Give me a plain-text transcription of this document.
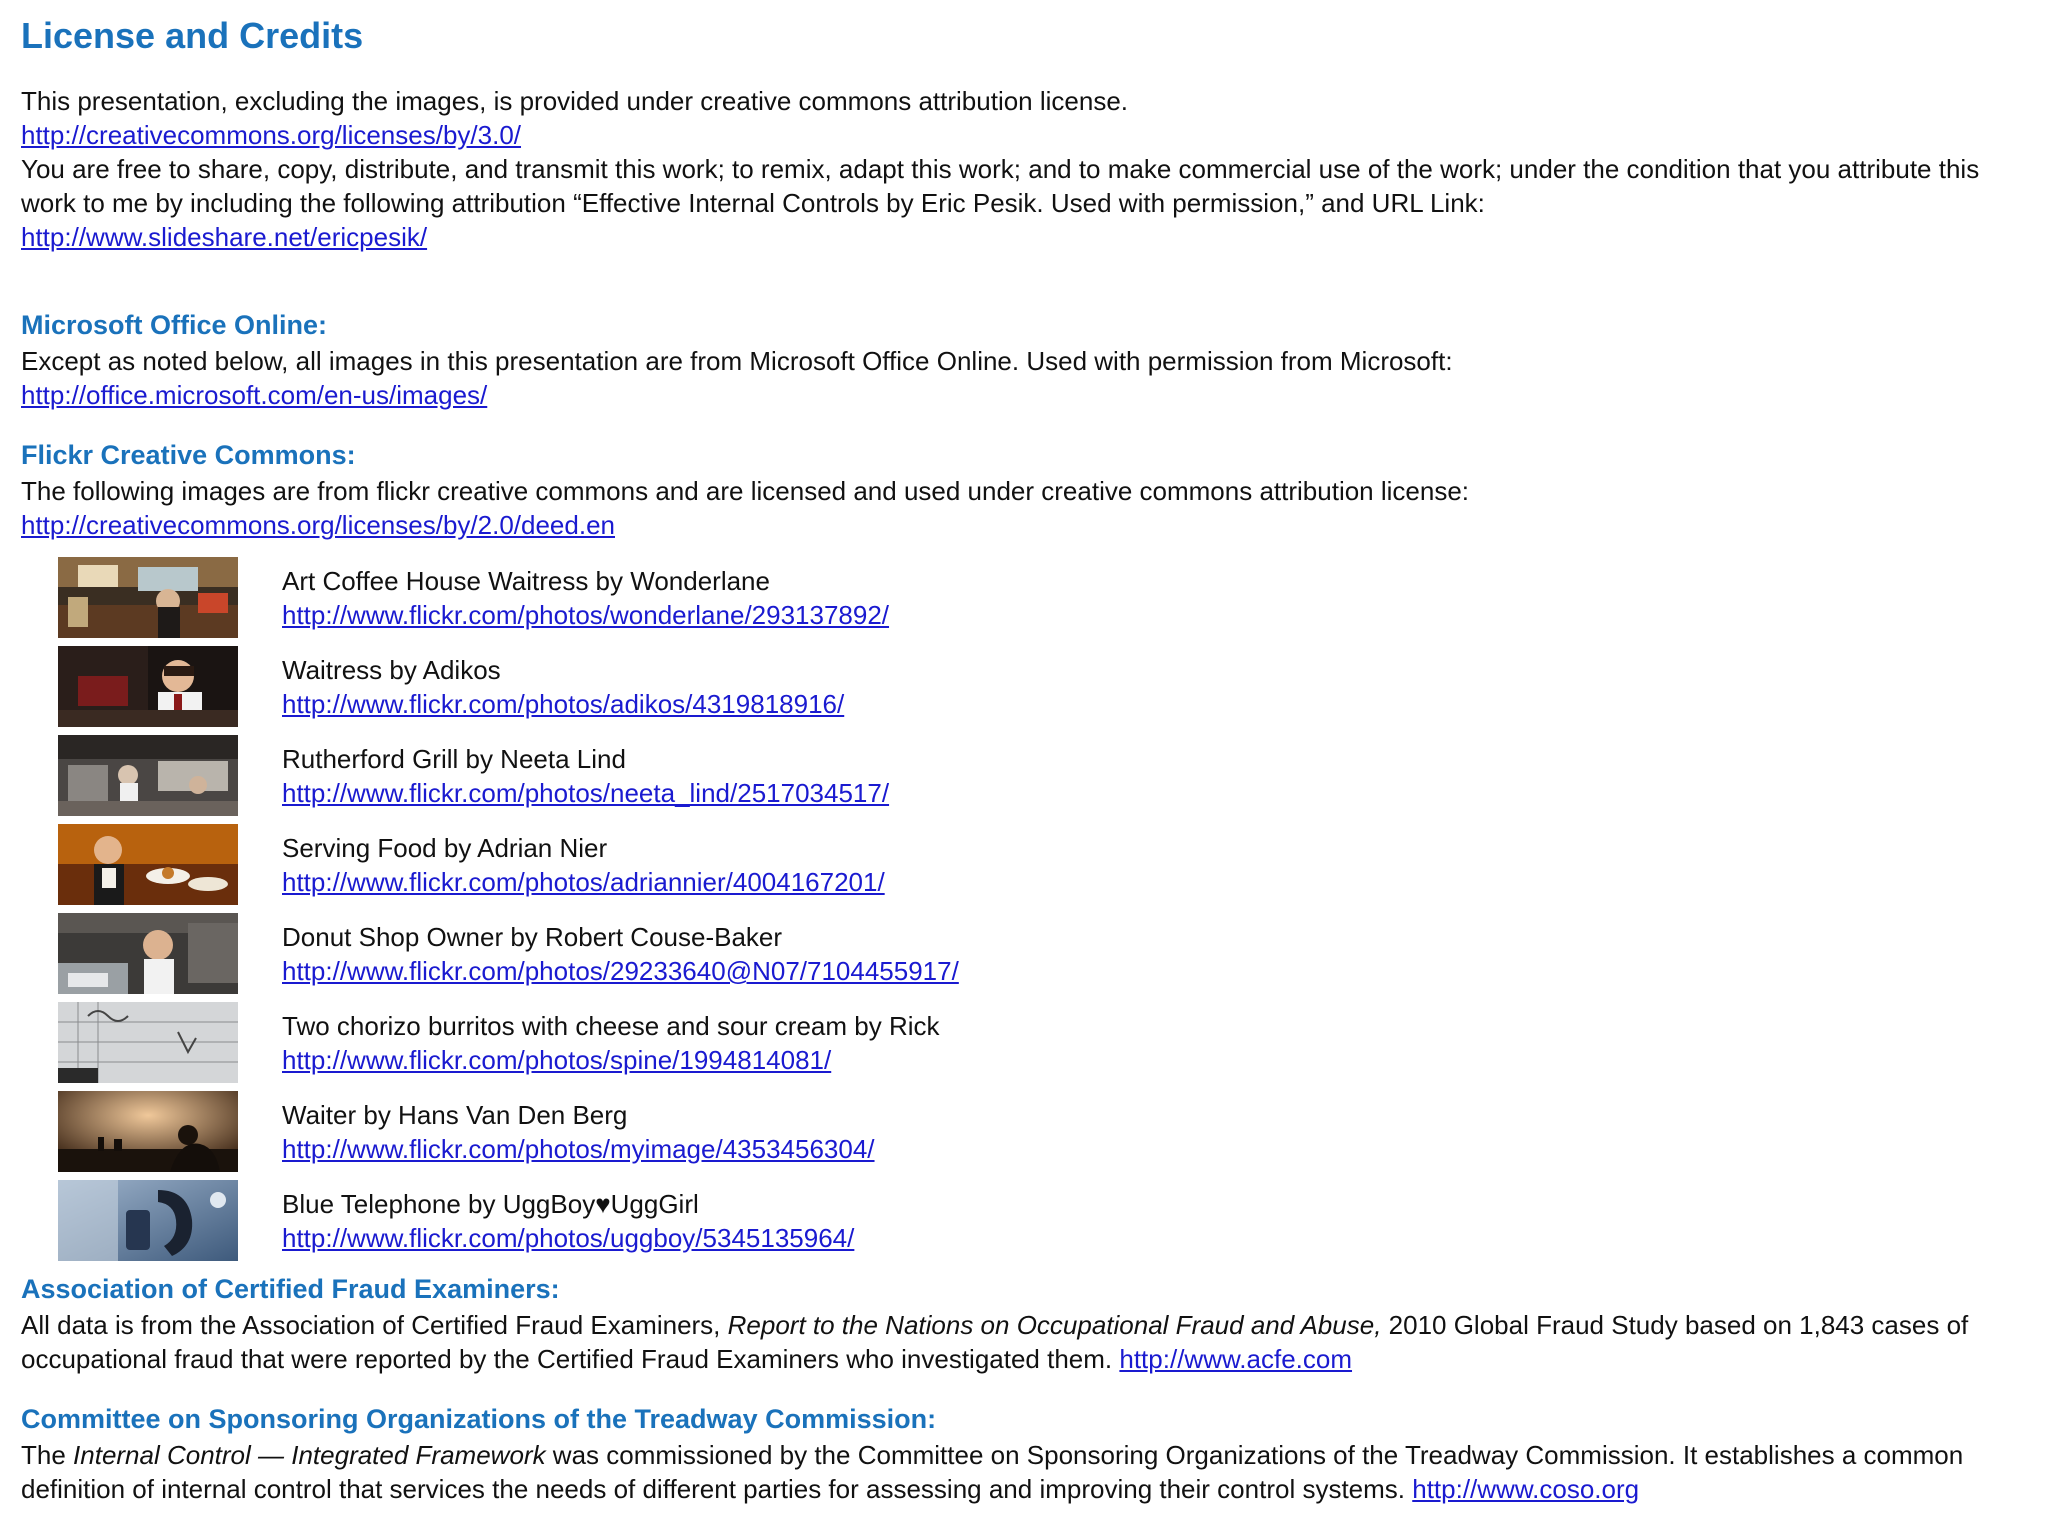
License and Credits
This presentation, excluding the images, is provided under creative commons attribution license.
http://creativecommons.org/licenses/by/3.0/
You are free to share, copy, distribute, and transmit this work; to remix, adapt this work; and to make commercial use of the work; under the condition that you attribute this work to me by including the following attribution “Effective Internal Controls by Eric Pesik. Used with permission,” and URL Link:
http://www.slideshare.net/ericpesik/
Microsoft Office Online:
Except as noted below, all images in this presentation are from Microsoft Office Online. Used with permission from Microsoft:
http://office.microsoft.com/en-us/images/
Flickr Creative Commons:
The following images are from flickr creative commons and are licensed and used under creative commons attribution license:
http://creativecommons.org/licenses/by/2.0/deed.en
Art Coffee House Waitress by Wonderlane
http://www.flickr.com/photos/wonderlane/293137892/
Waitress by Adikos
http://www.flickr.com/photos/adikos/4319818916/
Rutherford Grill by Neeta Lind
http://www.flickr.com/photos/neeta_lind/2517034517/
Serving Food by Adrian Nier
http://www.flickr.com/photos/adriannier/4004167201/
Donut Shop Owner by Robert Couse-Baker
http://www.flickr.com/photos/29233640@N07/7104455917/
Two chorizo burritos with cheese and sour cream by Rick
http://www.flickr.com/photos/spine/1994814081/
Waiter by Hans Van Den Berg
http://www.flickr.com/photos/myimage/4353456304/
Blue Telephone by UggBoy♥UggGirl
http://www.flickr.com/photos/uggboy/5345135964/
Association of Certified Fraud Examiners:
All data is from the Association of Certified Fraud Examiners, Report to the Nations on Occupational Fraud and Abuse, 2010 Global Fraud Study based on 1,843 cases of occupational fraud that were reported by the Certified Fraud Examiners who investigated them. http://www.acfe.com
Committee on Sponsoring Organizations of the Treadway Commission:
The Internal Control — Integrated Framework was commissioned by the Committee on Sponsoring Organizations of the Treadway Commission. It establishes a common definition of internal control that services the needs of different parties for assessing and improving their control systems. http://www.coso.org
